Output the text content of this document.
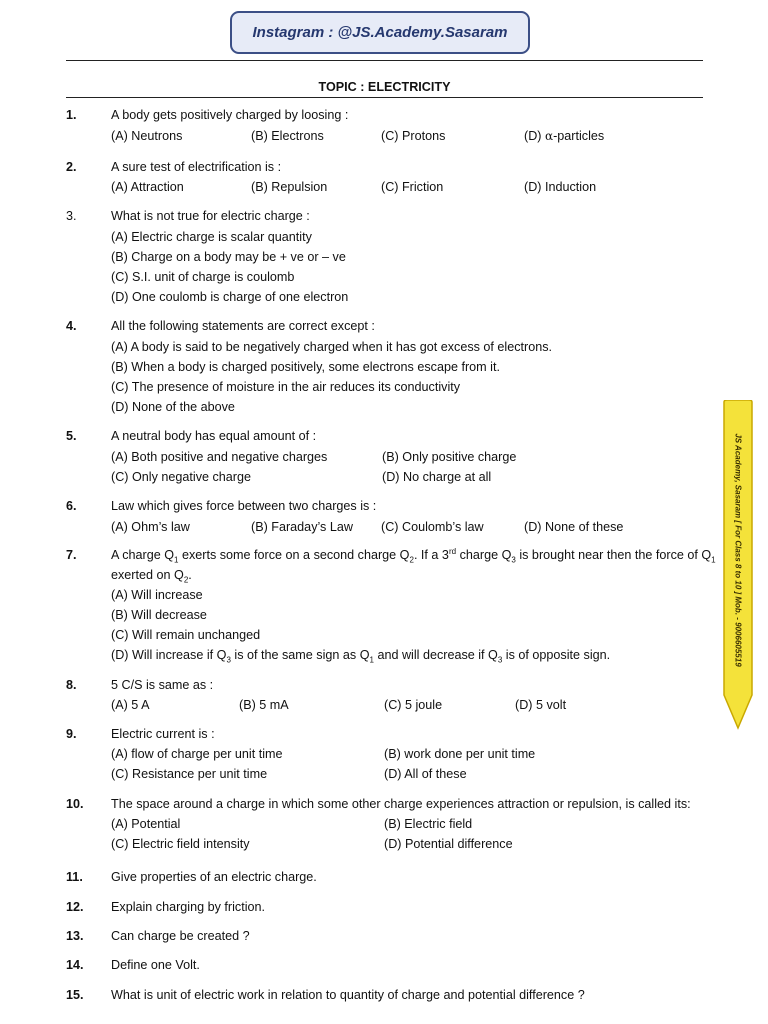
Instagram : @JS.Academy.Sasaram
TOPIC : ELECTRICITY
1.	A body gets positively charged by loosing :
(A) Neutrons	(B) Electrons	(C) Protons	(D) α-particles
2.	A sure test of electrification is :
(A) Attraction	(B) Repulsion	(C) Friction	(D) Induction
3.	What is not true for electric charge :
(A) Electric charge is scalar quantity
(B) Charge on a body may be + ve or – ve
(C) S.I. unit of charge is coulomb
(D) One coulomb is charge of one electron
4.	All the following statements are correct except :
(A) A body is said to be negatively charged when it has got excess of electrons.
(B) When a body is charged positively, some electrons escape from it.
(C) The presence of moisture in the air reduces its conductivity
(D) None of the above
5.	A neutral body has equal amount of :
(A) Both positive and negative charges	(B) Only positive charge
(C) Only negative charge	(D) No charge at all
6.	Law which gives force between two charges is :
(A) Ohm’s law	(B) Faraday’s Law (C) Coulomb’s law	(D) None of these
7.	A charge $Q_1$ exerts some force on a second charge $Q_2$. If a 3rd charge $Q_3$ is brought near then the force of $Q_1$
exerted on $Q_2$.
(A) Will increase
(B) Will decrease
(C) Will remain unchanged
(D) Will increase if $Q_3$ is of the same sign as $Q_1$ and will decrease if $Q_3$ is of opposite sign.
8.	5 C/S is same as :
(A) 5 A	(B) 5 mA	(C) 5 joule	(D) 5 volt
9.	Electric current is :
(A) flow of charge per unit time	(B) work done per unit time
(C) Resistance per unit time	(D) All of these
10. The space around a charge in which some other charge experiences attraction or repulsion, is called its:
(A) Potential	(B) Electric field
(C) Electric field intensity	(D) Potential difference
11. Give properties of an electric charge.
12. Explain charging by friction.
13. Can charge be created ?
14. Define one Volt.
15. What is unit of electric work in relation to quantity of charge and potential difference ?
JS Academy, Sasaram [ For Class 8 to 10 ] Mob. - 9006605519
